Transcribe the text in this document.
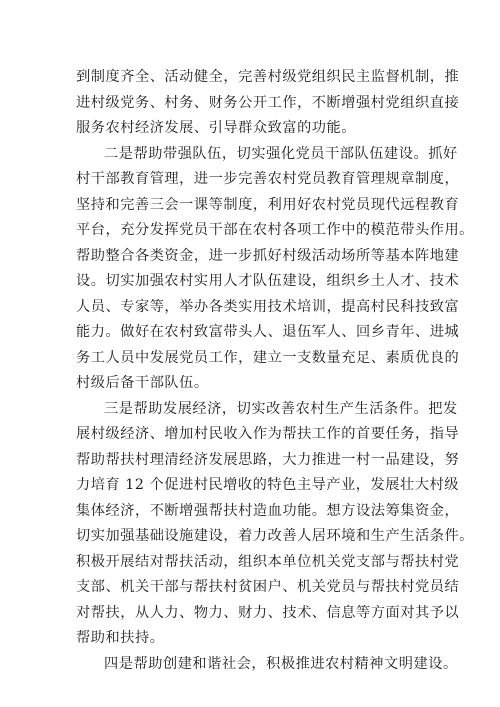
到制度齐全、活动健全，完善村级党组织民主监督机制，推
进村级党务、村务、财务公开工作，不断增强村党组织直接
服务农村经济发展、引导群众致富的功能。
二是帮助带强队伍，切实强化党员干部队伍建设。抓好
村干部教育管理，进一步完善农村党员教育管理规章制度，
坚持和完善三会一课等制度，利用好农村党员现代远程教育
平台，充分发挥党员干部在农村各项工作中的模范带头作用。
帮助整合各类资金，进一步抓好村级活动场所等基本阵地建
设。切实加强农村实用人才队伍建设，组织乡土人才、技术
人员、专家等，举办各类实用技术培训，提高村民科技致富
能力。做好在农村致富带头人、退伍军人、回乡青年、进城
务工人员中发展党员工作，建立一支数量充足、素质优良的
村级后备干部队伍。
三是帮助发展经济，切实改善农村生产生活条件。把发
展村级经济、增加村民收入作为帮扶工作的首要任务，指导
帮助帮扶村理清经济发展思路，大力推进一村一品建设，努
力培育 12 个促进村民增收的特色主导产业，发展壮大村级
集体经济，不断增强帮扶村造血功能。想方设法筹集资金，
切实加强基础设施建设，着力改善人居环境和生产生活条件。
积极开展结对帮扶活动，组织本单位机关党支部与帮扶村党
支部、机关干部与帮扶村贫困户、机关党员与帮扶村党员结
对帮扶，从人力、物力、财力、技术、信息等方面对其予以
帮助和扶持。
四是帮助创建和谐社会，积极推进农村精神文明建设。
